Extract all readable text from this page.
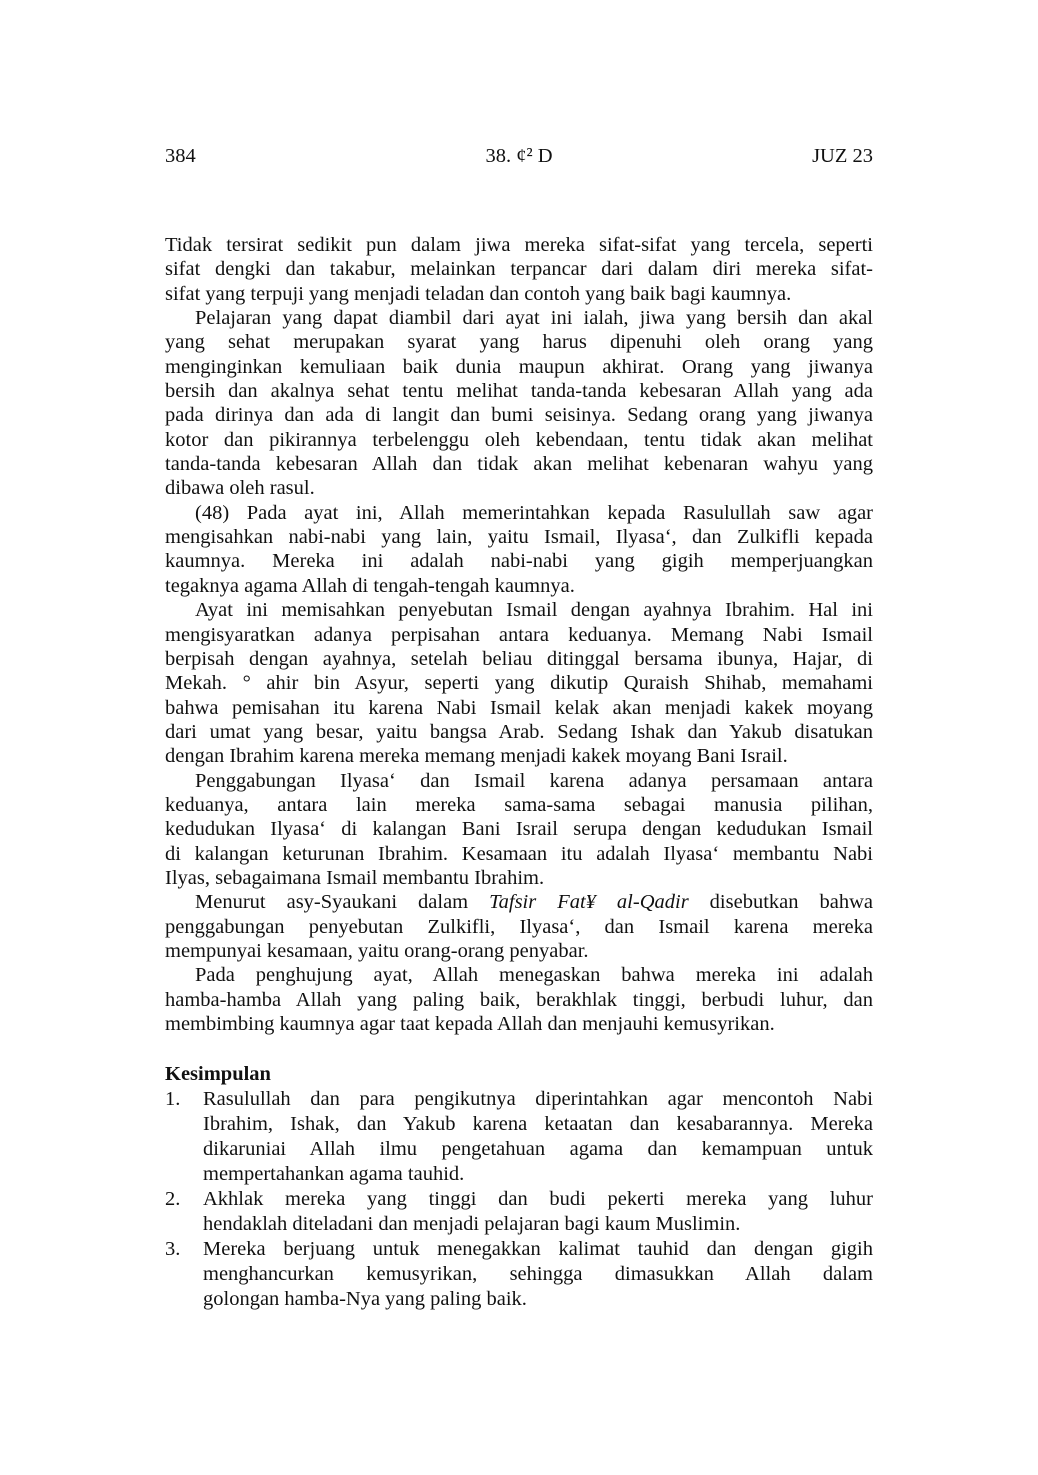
384	38. ¢² D	JUZ 23
Tidak tersirat sedikit pun dalam jiwa mereka sifat-sifat yang tercela, seperti
sifat dengki dan takabur, melainkan terpancar dari dalam diri mereka sifat-
sifat yang terpuji yang menjadi teladan dan contoh yang baik bagi kaumnya.
Pelajaran yang dapat diambil dari ayat ini ialah, jiwa yang bersih dan akal
yang sehat merupakan syarat yang harus dipenuhi oleh orang yang
menginginkan kemuliaan baik dunia maupun akhirat. Orang yang jiwanya
bersih dan akalnya sehat tentu melihat tanda-tanda kebesaran Allah yang ada
pada dirinya dan ada di langit dan bumi seisinya. Sedang orang yang jiwanya
kotor dan pikirannya terbelenggu oleh kebendaan, tentu tidak akan melihat
tanda-tanda kebesaran Allah dan tidak akan melihat kebenaran wahyu yang
dibawa oleh rasul.
(48) Pada ayat ini, Allah memerintahkan kepada Rasulullah saw agar
mengisahkan nabi-nabi yang lain, yaitu Ismail, Ilyasa‘, dan Zulkifli kepada
kaumnya. Mereka ini adalah nabi-nabi yang gigih memperjuangkan
tegaknya agama Allah di tengah-tengah kaumnya.
Ayat ini memisahkan penyebutan Ismail dengan ayahnya Ibrahim. Hal ini
mengisyaratkan adanya perpisahan antara keduanya. Memang Nabi Ismail
berpisah dengan ayahnya, setelah beliau ditinggal bersama ibunya, Hajar, di
Mekah. ° ahir bin Asyur, seperti yang dikutip Quraish Shihab, memahami
bahwa pemisahan itu karena Nabi Ismail kelak akan menjadi kakek moyang
dari umat yang besar, yaitu bangsa Arab. Sedang Ishak dan Yakub disatukan
dengan Ibrahim karena mereka memang menjadi kakek moyang Bani Israil.
Penggabungan Ilyasa‘ dan Ismail karena adanya persamaan antara
keduanya, antara lain mereka sama-sama sebagai manusia pilihan,
kedudukan Ilyasa‘ di kalangan Bani Israil serupa dengan kedudukan Ismail
di kalangan keturunan Ibrahim. Kesamaan itu adalah Ilyasa‘ membantu Nabi
Ilyas, sebagaimana Ismail membantu Ibrahim.
Menurut asy-Syaukani dalam Tafsir Fat¥ al-Qadir disebutkan bahwa
penggabungan penyebutan Zulkifli, Ilyasa‘, dan Ismail karena mereka
mempunyai kesamaan, yaitu orang-orang penyabar.
Pada penghujung ayat, Allah menegaskan bahwa mereka ini adalah
hamba-hamba Allah yang paling baik, berakhlak tinggi, berbudi luhur, dan
membimbing kaumnya agar taat kepada Allah dan menjauhi kemusyrikan.
Kesimpulan
1. Rasulullah dan para pengikutnya diperintahkan agar mencontoh Nabi
Ibrahim, Ishak, dan Yakub karena ketaatan dan kesabarannya. Mereka
dikaruniai Allah ilmu pengetahuan agama dan kemampuan untuk
mempertahankan agama tauhid.
2. Akhlak mereka yang tinggi dan budi pekerti mereka yang luhur
hendaklah diteladani dan menjadi pelajaran bagi kaum Muslimin.
3. Mereka berjuang untuk menegakkan kalimat tauhid dan dengan gigih
menghancurkan kemusyrikan, sehingga dimasukkan Allah dalam
golongan hamba-Nya yang paling baik.
